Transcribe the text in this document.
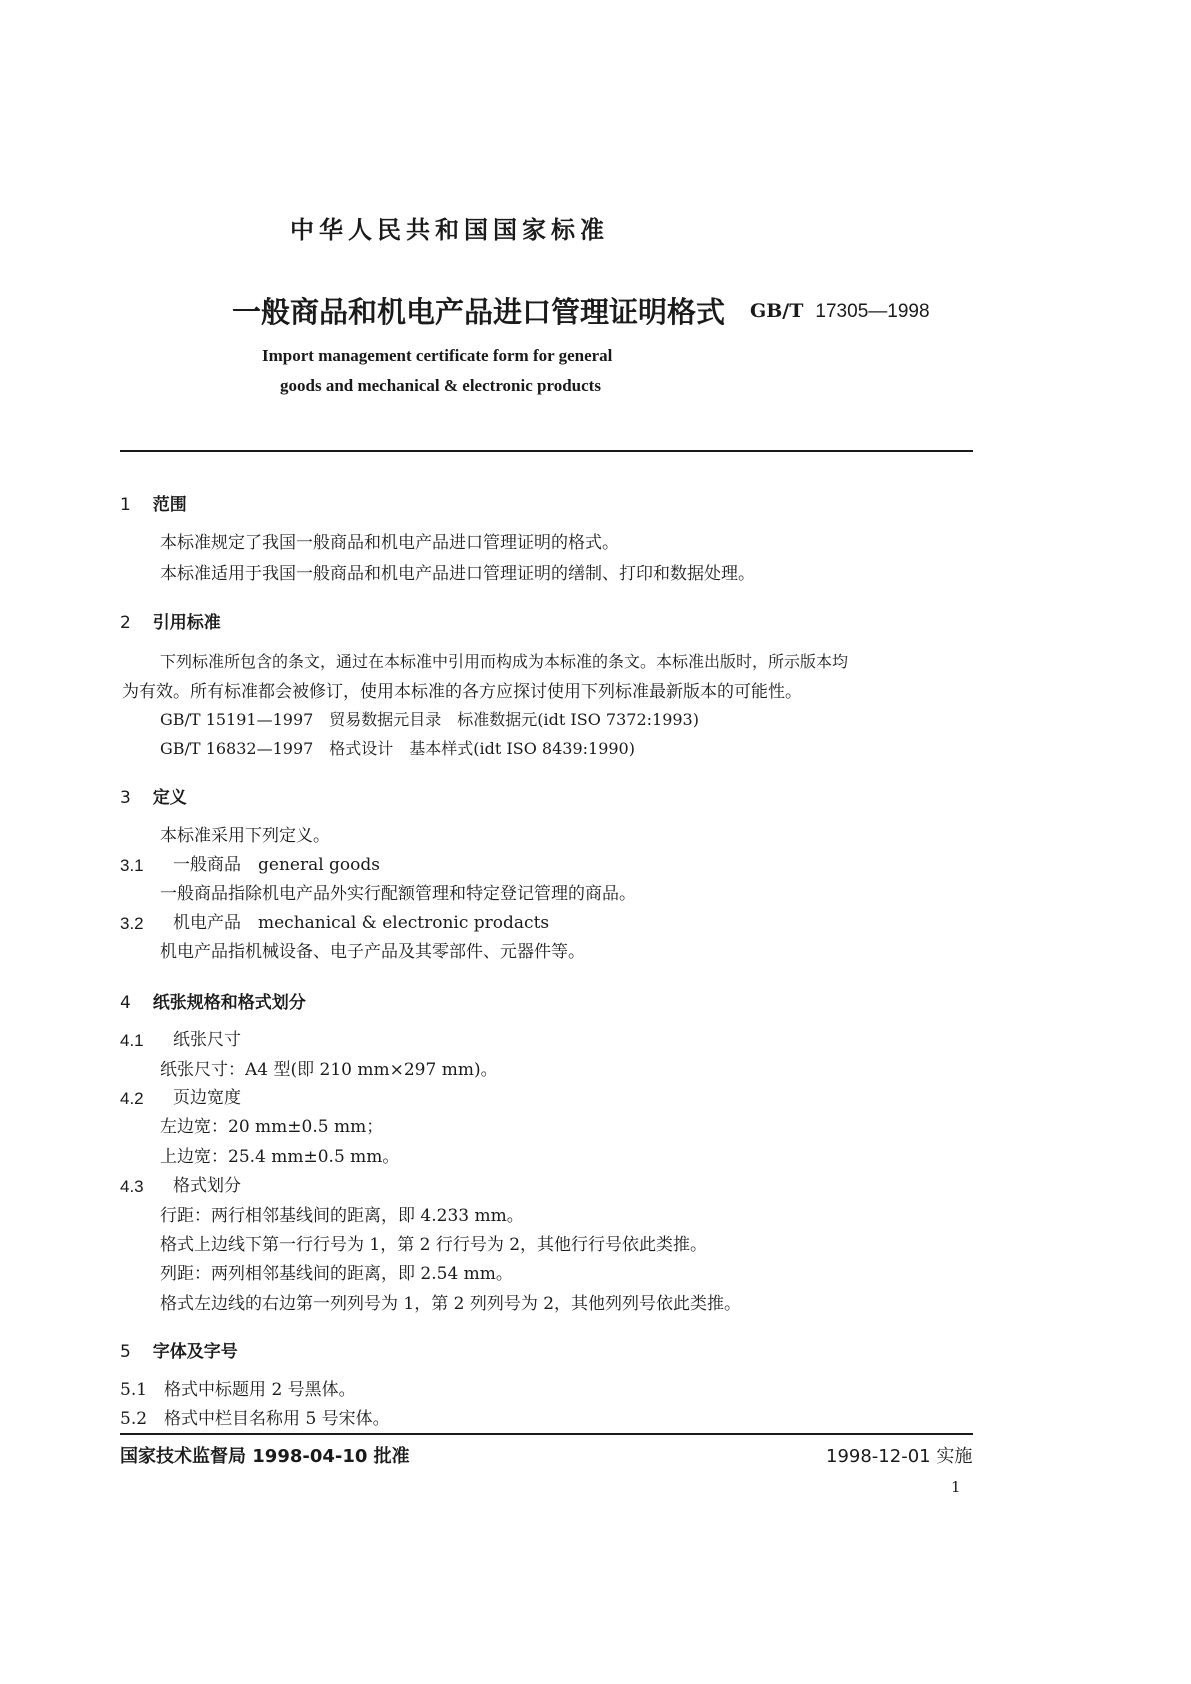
中华人民共和国国家标准
一般商品和机电产品进口管理证明格式 GB/T 17305—1998
Import management certificate form for general
goods and mechanical & electronic products
1 范围
本标准规定了我国一般商品和机电产品进口管理证明的格式。
本标准适用于我国一般商品和机电产品进口管理证明的缮制、打印和数据处理。
2 引用标准
下列标准所包含的条文，通过在本标准中引用而构成为本标准的条文。本标准出版时，所示版本均
为有效。所有标准都会被修订，使用本标准的各方应探讨使用下列标准最新版本的可能性。
GB/T 15191—1997　贸易数据元目录　标准数据元(idt ISO 7372:1993)
GB/T 16832—1997　格式设计　基本样式(idt ISO 8439:1990)
3 定义
本标准采用下列定义。
3.1 一般商品　general goods
一般商品指除机电产品外实行配额管理和特定登记管理的商品。
3.2 机电产品　mechanical & electronic prodacts
机电产品指机械设备、电子产品及其零部件、元器件等。
4 纸张规格和格式划分
4.1 纸张尺寸
纸张尺寸：A4 型(即 210 mm×297 mm)。
4.2 页边宽度
左边宽：20 mm±0.5 mm；
上边宽：25.4 mm±0.5 mm。
4.3 格式划分
行距：两行相邻基线间的距离，即 4.233 mm。
格式上边线下第一行行号为 1，第 2 行行号为 2，其他行行号依此类推。
列距：两列相邻基线间的距离，即 2.54 mm。
格式左边线的右边第一列列号为 1，第 2 列列号为 2，其他列列号依此类推。
5 字体及字号
5.1　格式中标题用 2 号黑体。
5.2　格式中栏目名称用 5 号宋体。
国家技术监督局 1998-04-10 批准	1998-12-01 实施
1
